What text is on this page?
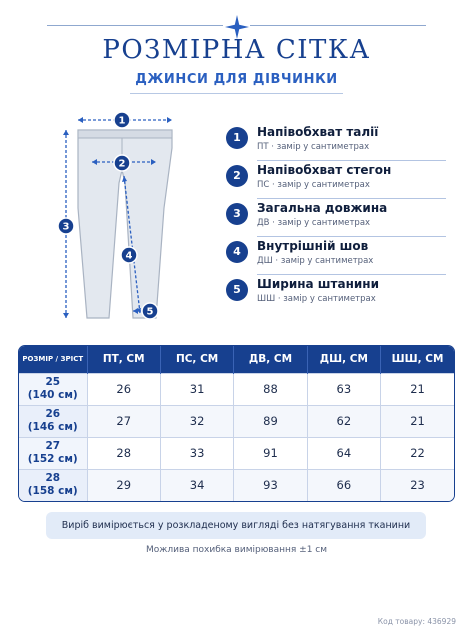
РОЗМІРНА СІТКА
ДЖИНСИ ДЛЯ ДІВЧИНКИ
1
2
3
4
5
1	Напівобхват талії
ПТ · замір у сантиметрах
2	Напівобхват стегон
ПС · замір у сантиметрах
3	Загальна довжина
ДВ · замір у сантиметрах
4	Внутрішній шов
ДШ · замір у сантиметрах
5	Ширина штанини
ШШ · замір у сантиметрах
РОЗМІР / ЗРІСТ	ПТ, СМ	ПС, СМ	ДВ, СМ	ДШ, СМ	ШШ, СМ

25
(140 см)	26	31	88	63	21

26
(146 см)	27	32	89	62	21

27
(152 см)	28	33	91	64	22

28
(158 см)	29	34	93	66	23
Виріб вимірюється у розкладеному вигляді без натягування тканини
Можлива похибка вимірювання ±1 см
Код товару: 436929
